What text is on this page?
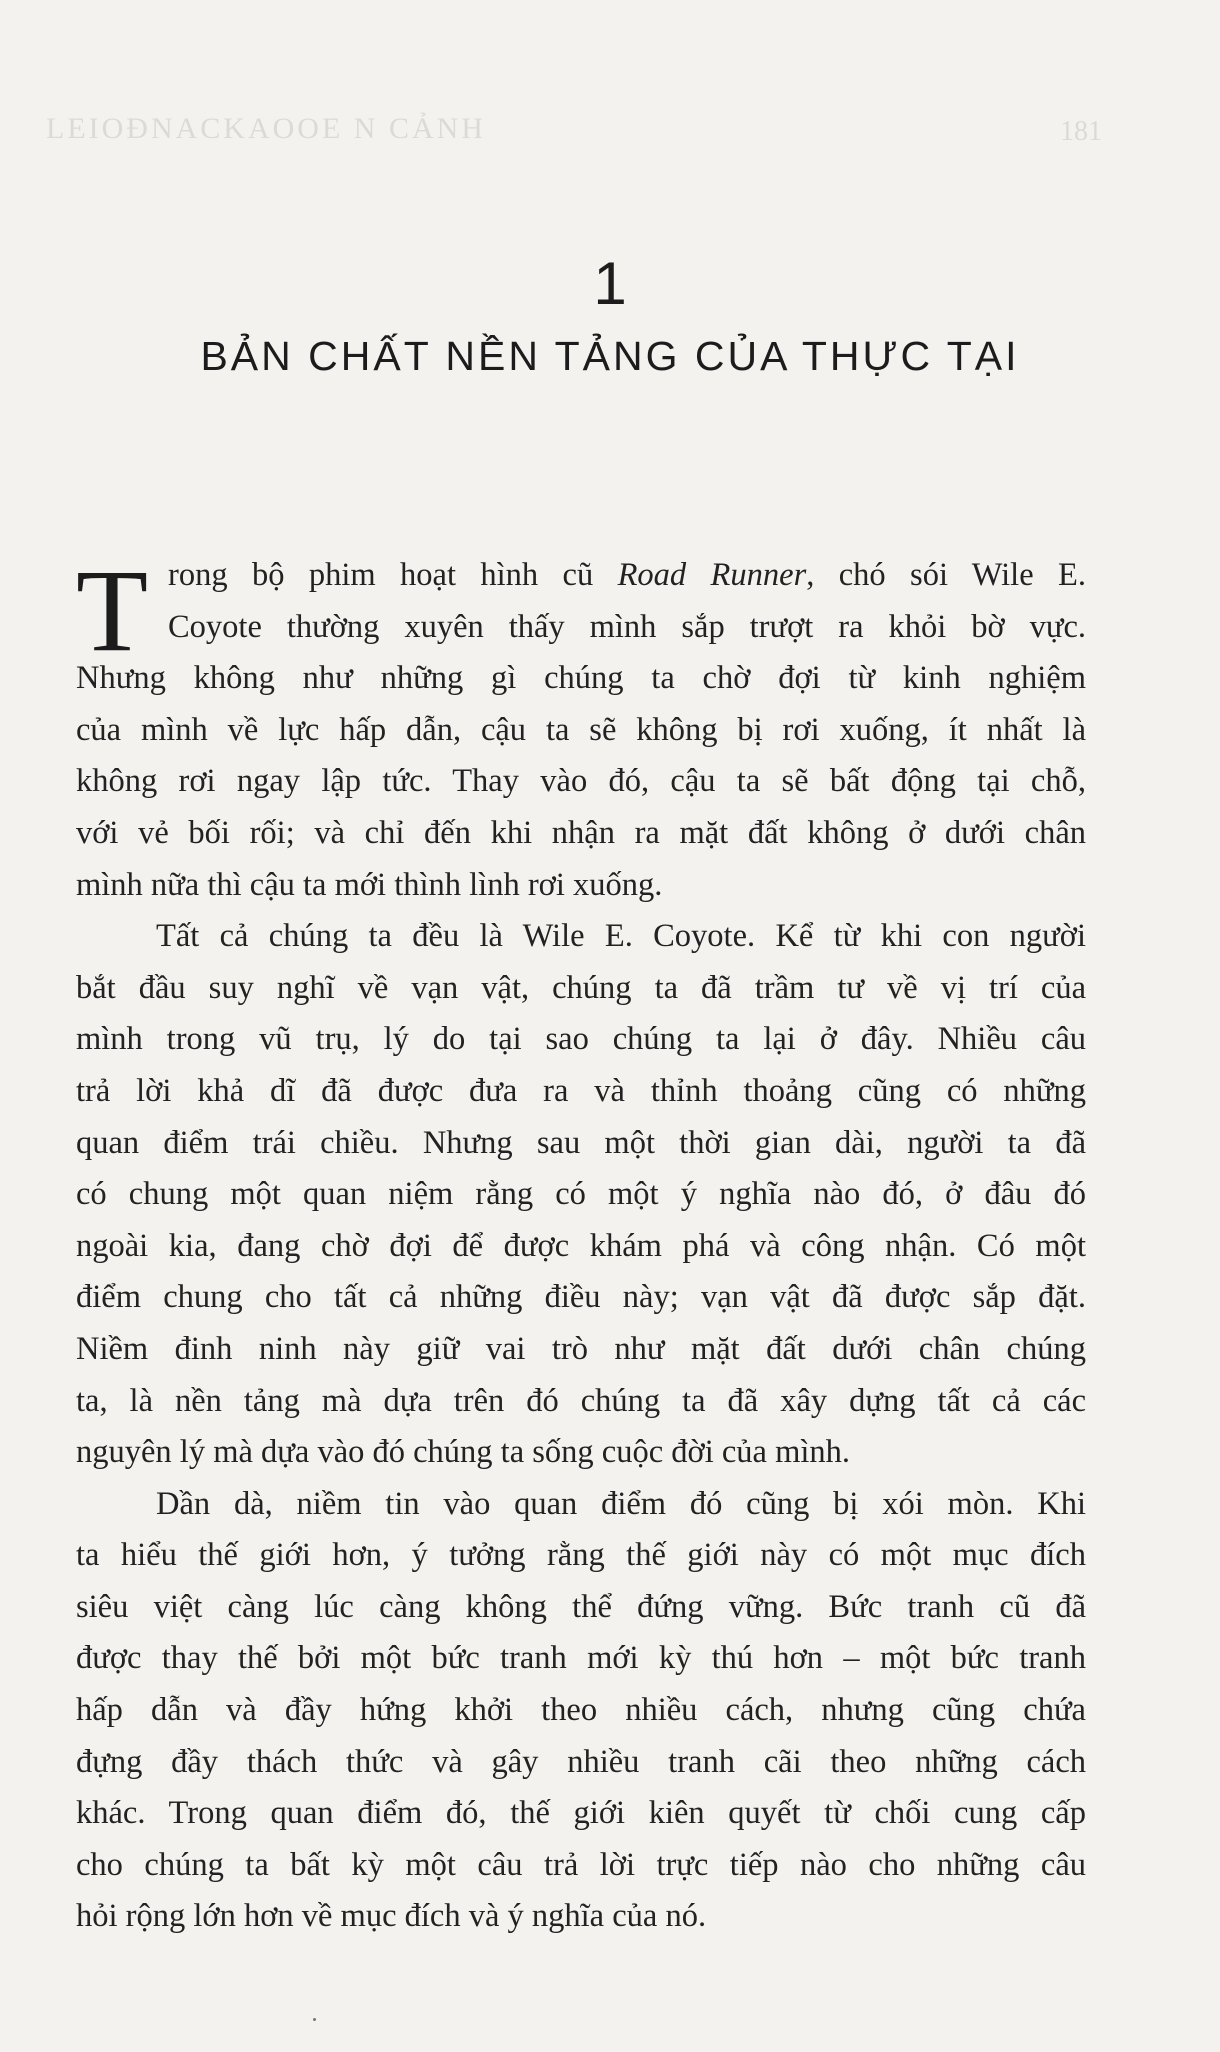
LEIOÐNACKAOOE N CẢNH	181
1
BẢN CHẤT NỀN TẢNG CỦA THỰC TẠI
T rong bộ phim hoạt hình cũ Road Runner, chó sói Wile E.
Coyote thường xuyên thấy mình sắp trượt ra khỏi bờ vực.
Nhưng không như những gì chúng ta chờ đợi từ kinh nghiệm
của mình về lực hấp dẫn, cậu ta sẽ không bị rơi xuống, ít nhất là
không rơi ngay lập tức. Thay vào đó, cậu ta sẽ bất động tại chỗ,
với vẻ bối rối; và chỉ đến khi nhận ra mặt đất không ở dưới chân
mình nữa thì cậu ta mới thình lình rơi xuống.
Tất cả chúng ta đều là Wile E. Coyote. Kể từ khi con người
bắt đầu suy nghĩ về vạn vật, chúng ta đã trầm tư về vị trí của
mình trong vũ trụ, lý do tại sao chúng ta lại ở đây. Nhiều câu
trả lời khả dĩ đã được đưa ra và thỉnh thoảng cũng có những
quan điểm trái chiều. Nhưng sau một thời gian dài, người ta đã
có chung một quan niệm rằng có một ý nghĩa nào đó, ở đâu đó
ngoài kia, đang chờ đợi để được khám phá và công nhận. Có một
điểm chung cho tất cả những điều này; vạn vật đã được sắp đặt.
Niềm đinh ninh này giữ vai trò như mặt đất dưới chân chúng
ta, là nền tảng mà dựa trên đó chúng ta đã xây dựng tất cả các
nguyên lý mà dựa vào đó chúng ta sống cuộc đời của mình.
Dần dà, niềm tin vào quan điểm đó cũng bị xói mòn. Khi
ta hiểu thế giới hơn, ý tưởng rằng thế giới này có một mục đích
siêu việt càng lúc càng không thể đứng vững. Bức tranh cũ đã
được thay thế bởi một bức tranh mới kỳ thú hơn – một bức tranh
hấp dẫn và đầy hứng khởi theo nhiều cách, nhưng cũng chứa
đựng đầy thách thức và gây nhiều tranh cãi theo những cách
khác. Trong quan điểm đó, thế giới kiên quyết từ chối cung cấp
cho chúng ta bất kỳ một câu trả lời trực tiếp nào cho những câu
hỏi rộng lớn hơn về mục đích và ý nghĩa của nó.
